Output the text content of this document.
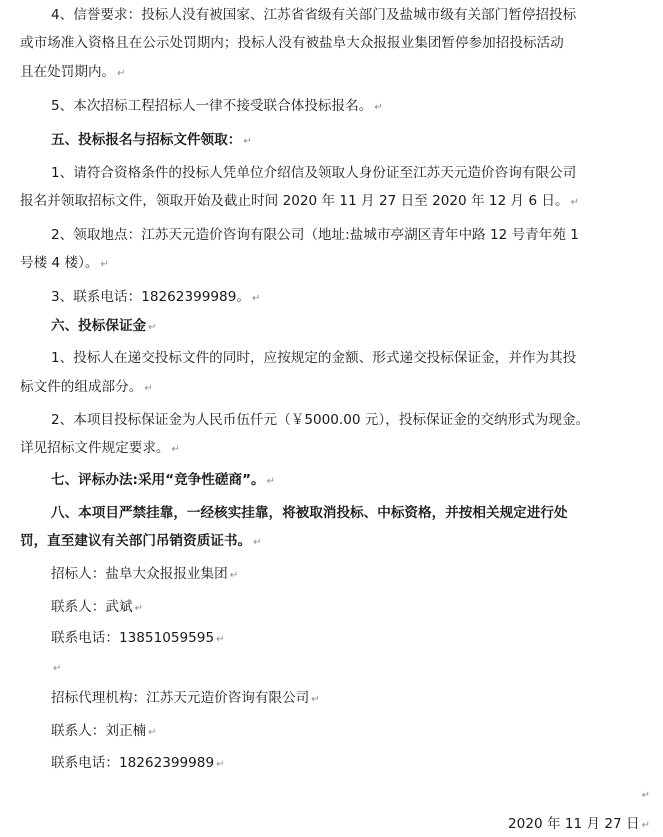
4、信誉要求：投标人没有被国家、江苏省省级有关部门及盐城市级有关部门暂停招投标
或市场准入资格且在公示处罚期内；投标人没有被盐阜大众报报业集团暂停参加招投标活动
且在处罚期内。 ↵
5、本次招标工程招标人一律不接受联合体投标报名。 ↵
五、投标报名与招标文件领取： ↵
1、请符合资格条件的投标人凭单位介绍信及领取人身份证至江苏天元造价咨询有限公司
报名并领取招标文件，领取开始及截止时间 2020 年 11 月 27 日至 2020 年 12 月 6 日。 ↵
2、领取地点：江苏天元造价咨询有限公司（地址:盐城市亭湖区青年中路 12 号青年苑 1
号楼 4 楼）。 ↵
3、联系电话：18262399989。 ↵
六、投标保证金 ↵
1、投标人在递交投标文件的同时，应按规定的金额、形式递交投标保证金，并作为其投
标文件的组成部分。 ↵
2、本项目投标保证金为人民币伍仟元（￥5000.00 元），投标保证金的交纳形式为现金。
详见招标文件规定要求。 ↵
七、评标办法:采用“竞争性磋商”。 ↵
八、本项目严禁挂靠，一经核实挂靠，将被取消投标、中标资格，并按相关规定进行处
罚，直至建议有关部门吊销资质证书。 ↵
招标人：盐阜大众报报业集团 ↵
联系人：武斌 ↵
联系电话：13851059595 ↵
↵
招标代理机构：江苏天元造价咨询有限公司 ↵
联系人：刘正楠 ↵
联系电话：18262399989 ↵
↵
2020 年 11 月 27 日 ↵
